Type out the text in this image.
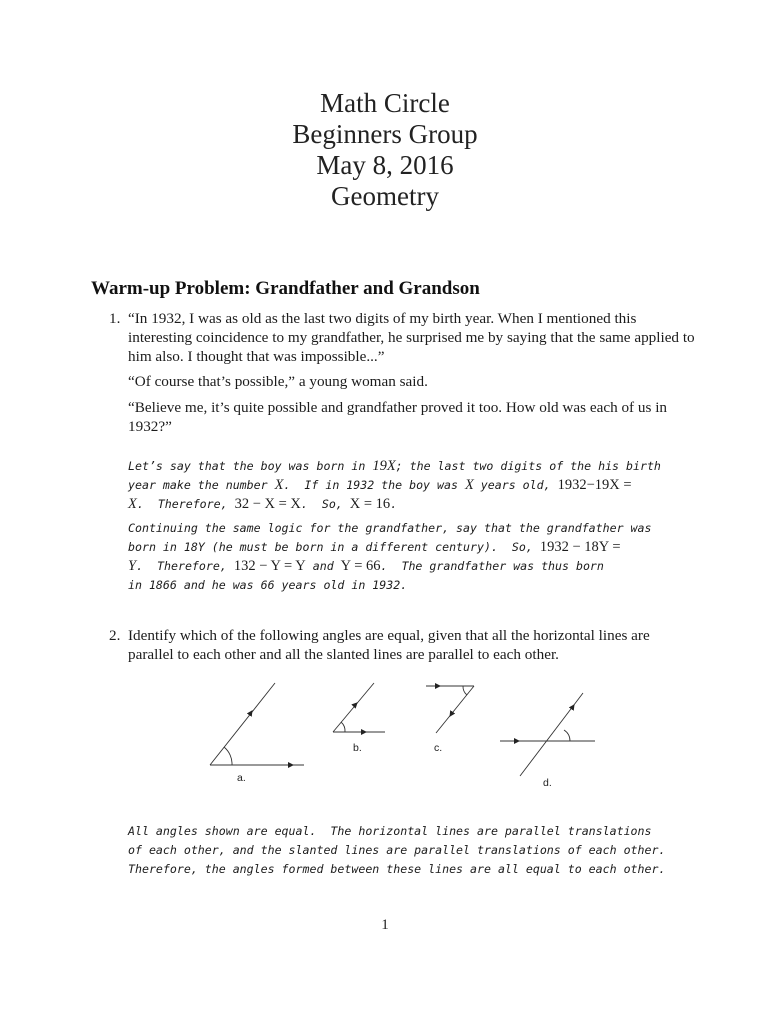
Math Circle
Beginners Group
May 8, 2016
Geometry
Warm-up Problem: Grandfather and Grandson
1. “In 1932, I was as old as the last two digits of my birth year. When I mentioned this interesting coincidence to my grandfather, he surprised me by saying that the same applied to him also. I thought that was impossible...”
“Of course that’s possible,” a young woman said.
“Believe me, it’s quite possible and grandfather proved it too. How old was each of us in 1932?”
Let’s say that the boy was born in 19X; the last two digits of the his birth
year make the number X.  If in 1932 the boy was X years old, 1932−19X =
X.  Therefore, 32 − X = X.  So, X = 16.
Continuing the same logic for the grandfather, say that the grandfather was
born in 18Y (he must be born in a different century).  So, 1932 − 18Y =
Y.  Therefore, 132 − Y = Y and Y = 66.  The grandfather was thus born
in 1866 and he was 66 years old in 1932.
2. Identify which of the following angles are equal, given that all the horizontal lines are parallel to each other and all the slanted lines are parallel to each other.
a.
b.	c.
d.
All angles shown are equal.  The horizontal lines are parallel translations
of each other, and the slanted lines are parallel translations of each other.
Therefore, the angles formed between these lines are all equal to each other.
1
